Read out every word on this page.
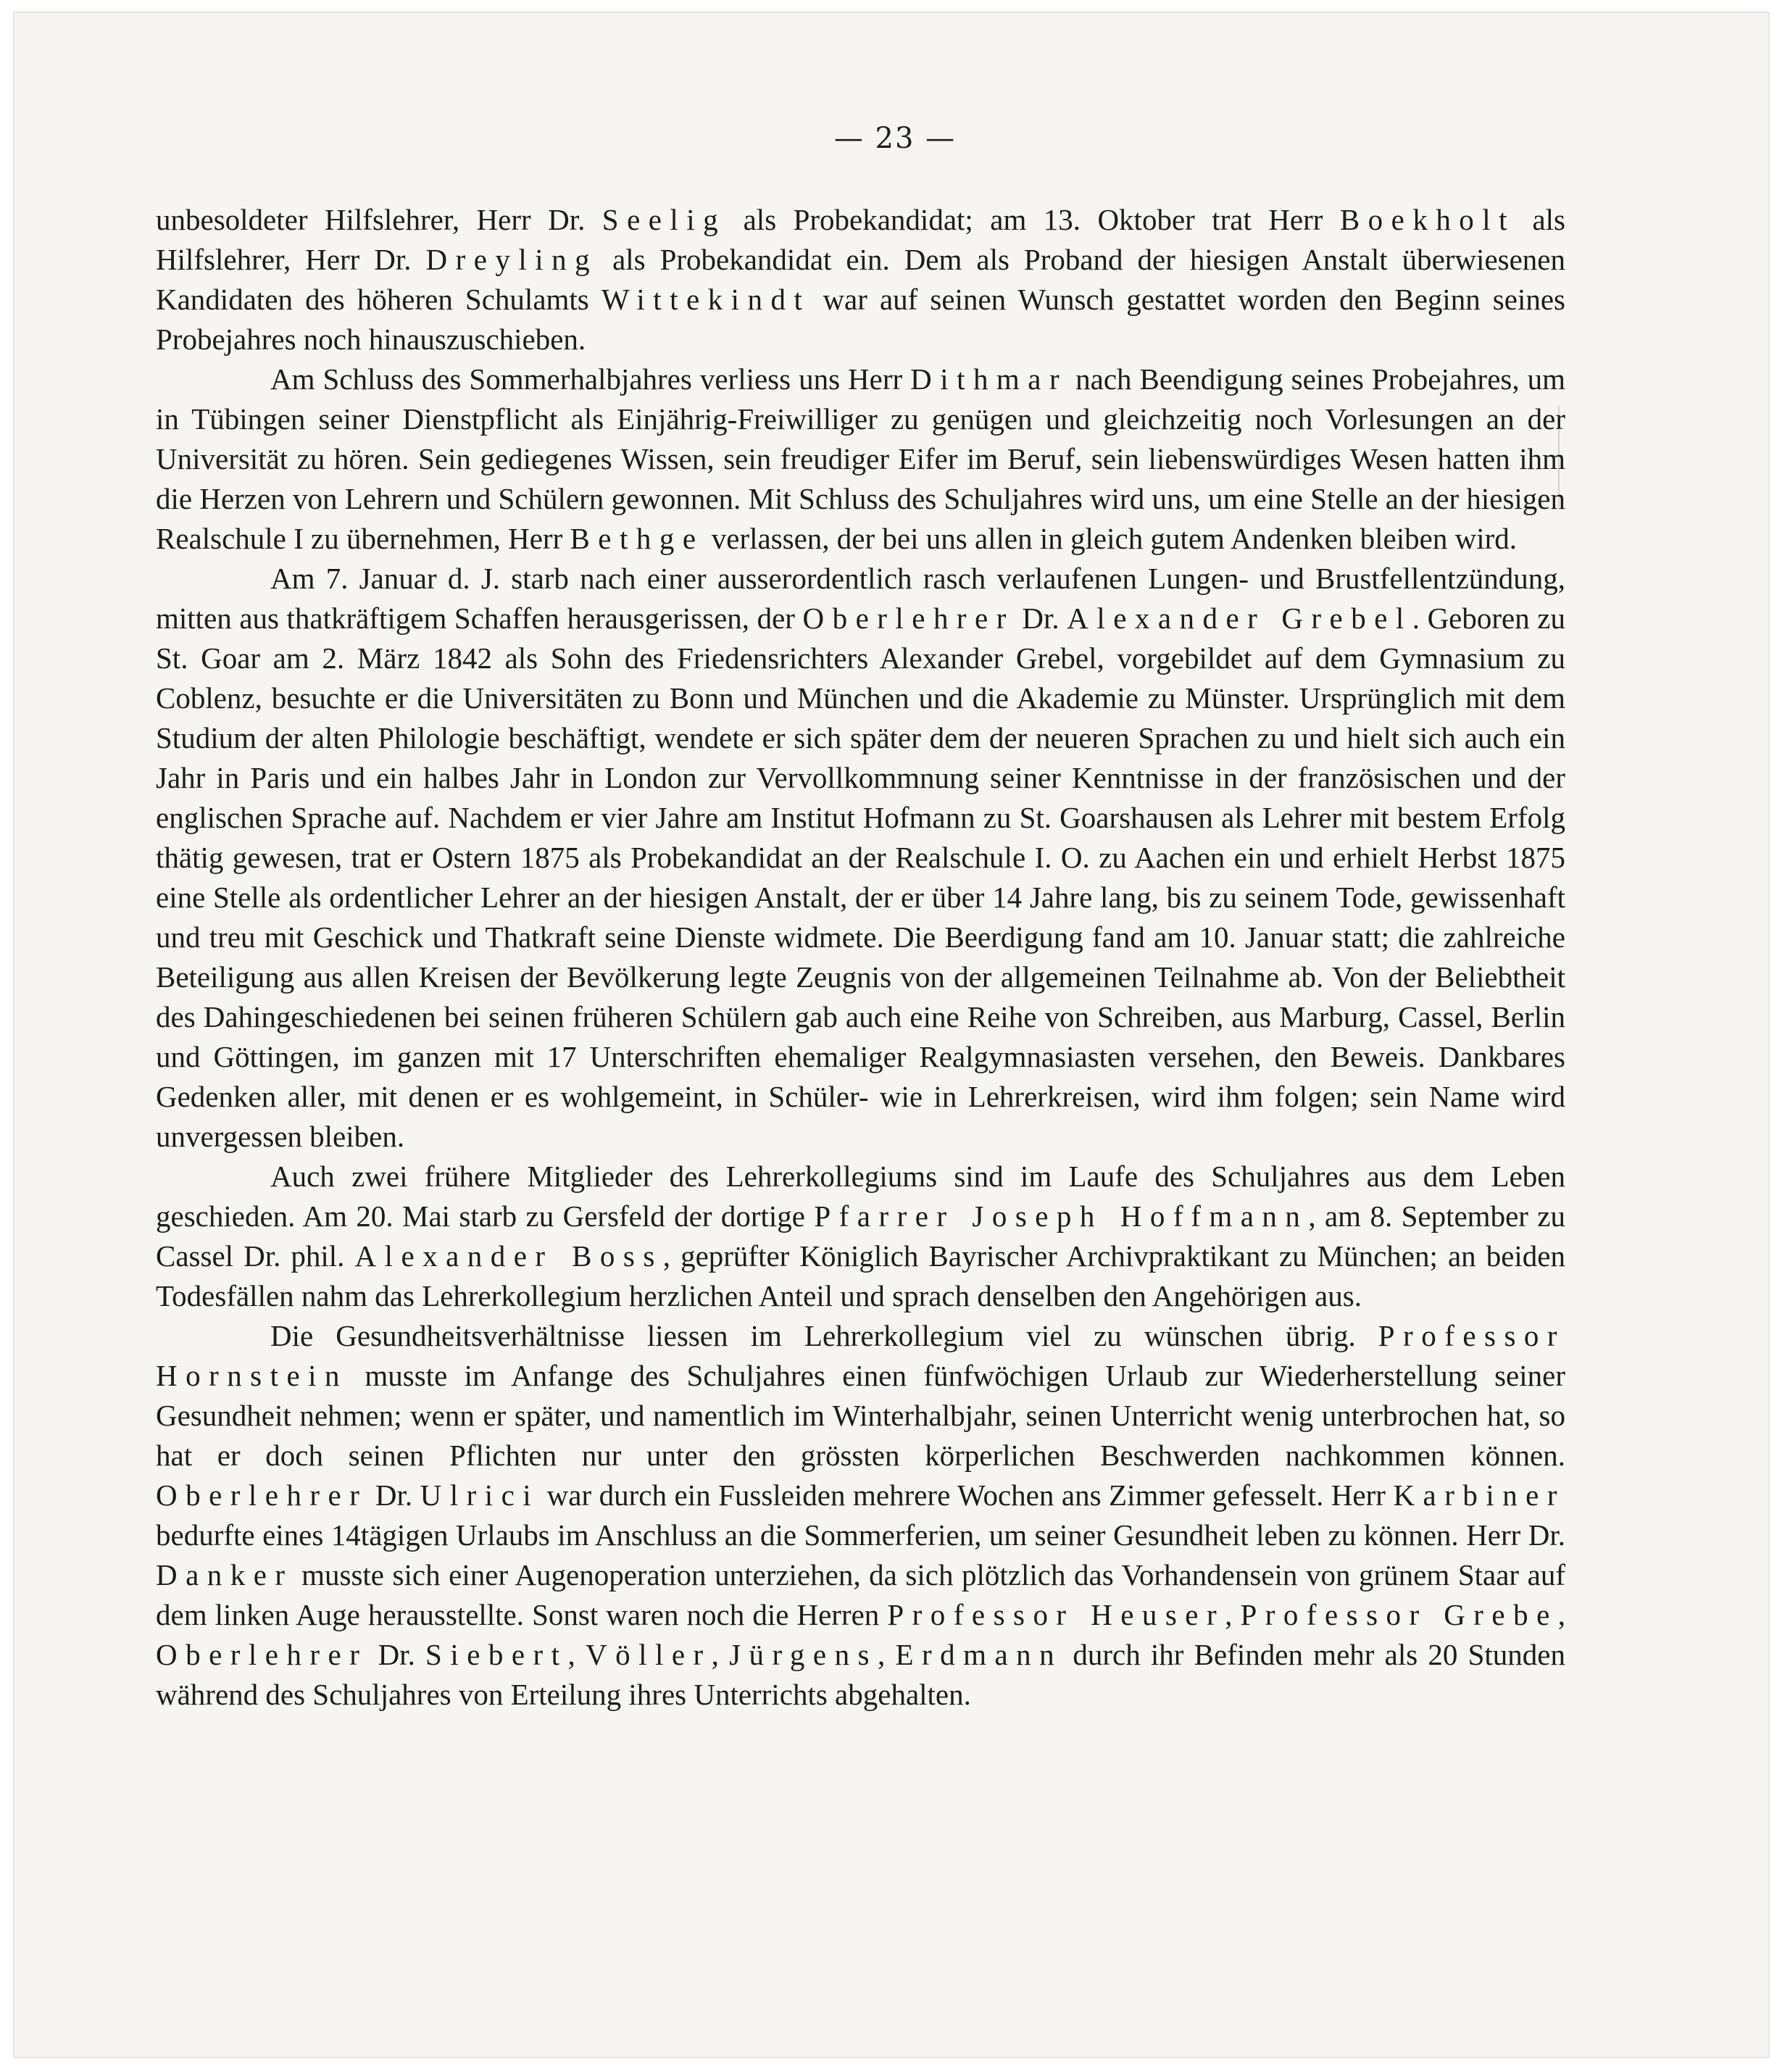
— 23 —

unbesoldeter Hilfslehrer, Herr Dr. Seelig als Probekandidat; am 13. Oktober trat Herr Boekholt als Hilfslehrer, Herr Dr. Dreyling als Probekandidat ein. Dem als Proband der hiesigen Anstalt überwiesenen Kandidaten des höheren Schulamts Wittekindt war auf seinen Wunsch gestattet worden den Beginn seines Probejahres noch hinauszuschieben.

Am Schluss des Sommerhalbjahres verliess uns Herr Dithmar nach Beendigung seines Probejahres, um in Tübingen seiner Dienstpflicht als Einjährig-Freiwilliger zu genügen und gleichzeitig noch Vorlesungen an der Universität zu hören. Sein gediegenes Wissen, sein freudiger Eifer im Beruf, sein liebenswürdiges Wesen hatten ihm die Herzen von Lehrern und Schülern gewonnen. Mit Schluss des Schuljahres wird uns, um eine Stelle an der hiesigen Realschule I zu übernehmen, Herr Bethge verlassen, der bei uns allen in gleich gutem Andenken bleiben wird.

Am 7. Januar d. J. starb nach einer ausserordentlich rasch verlaufenen Lungen- und Brustfellentzündung, mitten aus thatkräftigem Schaffen herausgerissen, der Oberlehrer Dr. Alexander Grebel. Geboren zu St. Goar am 2. März 1842 als Sohn des Friedensrichters Alexander Grebel, vorgebildet auf dem Gymnasium zu Coblenz, besuchte er die Universitäten zu Bonn und München und die Akademie zu Münster. Ursprünglich mit dem Studium der alten Philologie beschäftigt, wendete er sich später dem der neueren Sprachen zu und hielt sich auch ein Jahr in Paris und ein halbes Jahr in London zur Vervollkommnung seiner Kenntnisse in der französischen und der englischen Sprache auf. Nachdem er vier Jahre am Institut Hofmann zu St. Goarshausen als Lehrer mit bestem Erfolg thätig gewesen, trat er Ostern 1875 als Probekandidat an der Realschule I. O. zu Aachen ein und erhielt Herbst 1875 eine Stelle als ordentlicher Lehrer an der hiesigen Anstalt, der er über 14 Jahre lang, bis zu seinem Tode, gewissenhaft und treu mit Geschick und Thatkraft seine Dienste widmete. Die Beerdigung fand am 10. Januar statt; die zahlreiche Beteiligung aus allen Kreisen der Bevölkerung legte Zeugnis von der allgemeinen Teilnahme ab. Von der Beliebtheit des Dahingeschiedenen bei seinen früheren Schülern gab auch eine Reihe von Schreiben, aus Marburg, Cassel, Berlin und Göttingen, im ganzen mit 17 Unterschriften ehemaliger Realgymnasiasten versehen, den Beweis. Dankbares Gedenken aller, mit denen er es wohlgemeint, in Schüler- wie in Lehrerkreisen, wird ihm folgen; sein Name wird unvergessen bleiben.

Auch zwei frühere Mitglieder des Lehrerkollegiums sind im Laufe des Schuljahres aus dem Leben geschieden. Am 20. Mai starb zu Gersfeld der dortige Pfarrer Joseph Hoffmann, am 8. September zu Cassel Dr. phil. Alexander Boss, geprüfter Königlich Bayrischer Archivpraktikant zu München; an beiden Todesfällen nahm das Lehrerkollegium herzlichen Anteil und sprach denselben den Angehörigen aus.

Die Gesundheitsverhältnisse liessen im Lehrerkollegium viel zu wünschen übrig. Professor Hornstein musste im Anfange des Schuljahres einen fünfwöchigen Urlaub zur Wiederherstellung seiner Gesundheit nehmen; wenn er später, und namentlich im Winterhalbjahr, seinen Unterricht wenig unterbrochen hat, so hat er doch seinen Pflichten nur unter den grössten körperlichen Beschwerden nachkommen können. Oberlehrer Dr. Ulrici war durch ein Fussleiden mehrere Wochen ans Zimmer gefesselt. Herr Karbiner bedurfte eines 14tägigen Urlaubs im Anschluss an die Sommerferien, um seiner Gesundheit leben zu können. Herr Dr. Danker musste sich einer Augenoperation unterziehen, da sich plötzlich das Vorhandensein von grünem Staar auf dem linken Auge herausstellte. Sonst waren noch die Herren Professor Heuser, Professor Grebe, Oberlehrer Dr. Siebert, Völler, Jürgens, Erdmann durch ihr Befinden mehr als 20 Stunden während des Schuljahres von Erteilung ihres Unterrichts abgehalten.
